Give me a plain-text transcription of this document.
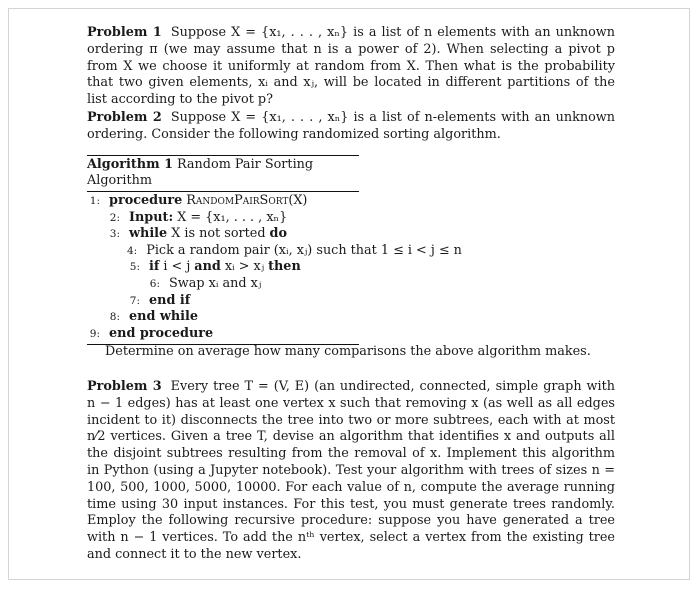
Problem 1 Suppose X = {x₁, . . . , xₙ} is a list of n elements with an unknown ordering π (we may assume that n is a power of 2). When selecting a pivot p from X we choose it uniformly at random from X. Then what is the probability that two given elements, xᵢ and xⱼ, will be located in different partitions of the list according to the pivot p?
Problem 2 Suppose X = {x₁, . . . , xₙ} is a list of n-elements with an unknown ordering. Consider the following randomized sorting algorithm.
Algorithm 1 Random Pair Sorting Algorithm
1: procedure RandomPairSort(X)
2: Input: X = {x₁, . . . , xₙ}
3: while X is not sorted do
4: Pick a random pair (xᵢ, xⱼ) such that 1 ≤ i < j ≤ n
5: if i < j and xᵢ > xⱼ then
6: Swap xᵢ and xⱼ
7: end if
8: end while
9: end procedure
Determine on average how many comparisons the above algorithm makes.
Problem 3 Every tree T = (V, E) (an undirected, connected, simple graph with n − 1 edges) has at least one vertex x such that removing x (as well as all edges incident to it) disconnects the tree into two or more subtrees, each with at most n⁄2 vertices. Given a tree T, devise an algorithm that identifies x and outputs all the disjoint subtrees resulting from the removal of x. Implement this algorithm in Python (using a Jupyter notebook). Test your algorithm with trees of sizes n = 100, 500, 1000, 5000, 10000. For each value of n, compute the average running time using 30 input instances. For this test, you must generate trees randomly. Employ the following recursive procedure: suppose you have generated a tree with n − 1 vertices. To add the nᵗʰ vertex, select a vertex from the existing tree and connect it to the new vertex.
